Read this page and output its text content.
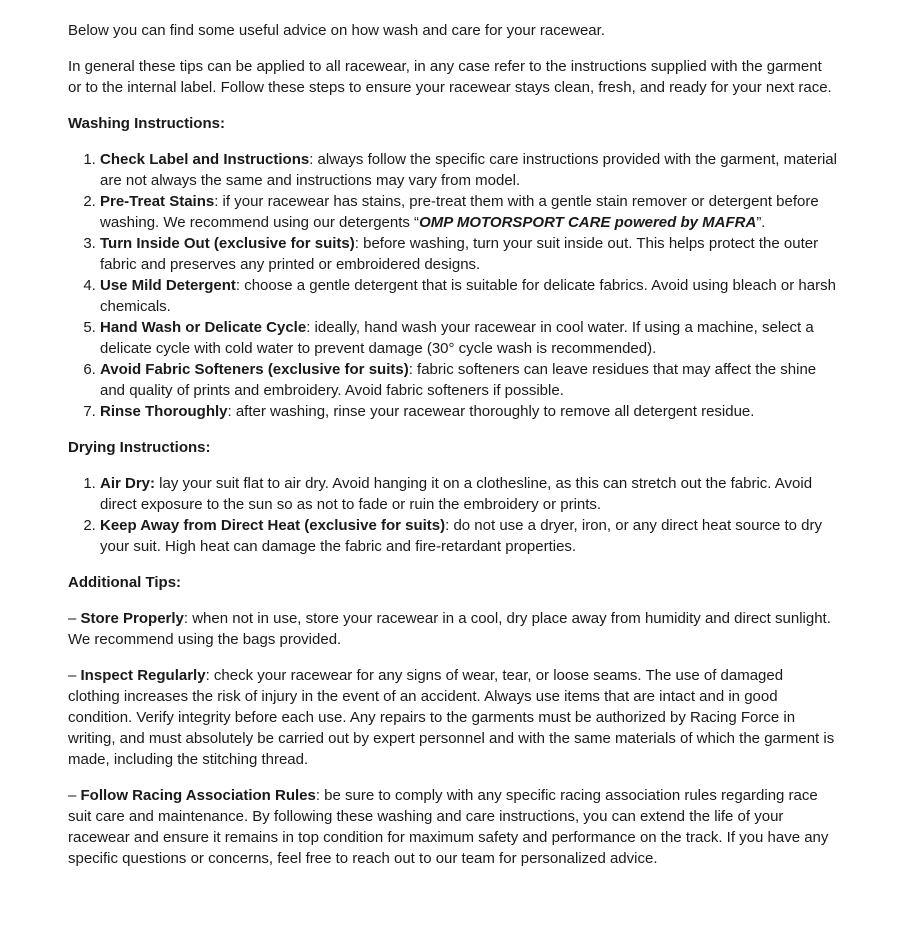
Below you can find some useful advice on how wash and care for your racewear.

In general these tips can be applied to all racewear, in any case refer to the instructions supplied with the garment or to the internal label. Follow these steps to ensure your racewear stays clean, fresh, and ready for your next race.

Washing Instructions:
1. Check Label and Instructions: always follow the specific care instructions provided with the garment, material are not always the same and instructions may vary from model.
2. Pre-Treat Stains: if your racewear has stains, pre-treat them with a gentle stain remover or detergent before washing. We recommend using our detergents “OMP MOTORSPORT CARE powered by MAFRA”.
3. Turn Inside Out (exclusive for suits): before washing, turn your suit inside out. This helps protect the outer fabric and preserves any printed or embroidered designs.
4. Use Mild Detergent: choose a gentle detergent that is suitable for delicate fabrics. Avoid using bleach or harsh chemicals.
5. Hand Wash or Delicate Cycle: ideally, hand wash your racewear in cool water. If using a machine, select a delicate cycle with cold water to prevent damage (30° cycle wash is recommended).
6. Avoid Fabric Softeners (exclusive for suits): fabric softeners can leave residues that may affect the shine and quality of prints and embroidery. Avoid fabric softeners if possible.
7. Rinse Thoroughly: after washing, rinse your racewear thoroughly to remove all detergent residue.
Drying Instructions:
1. Air Dry: lay your suit flat to air dry. Avoid hanging it on a clothesline, as this can stretch out the fabric. Avoid direct exposure to the sun so as not to fade or ruin the embroidery or prints.
2. Keep Away from Direct Heat (exclusive for suits): do not use a dryer, iron, or any direct heat source to dry your suit. High heat can damage the fabric and fire-retardant properties.
Additional Tips:

– Store Properly: when not in use, store your racewear in a cool, dry place away from humidity and direct sunlight. We recommend using the bags provided.

– Inspect Regularly: check your racewear for any signs of wear, tear, or loose seams. The use of damaged clothing increases the risk of injury in the event of an accident. Always use items that are intact and in good condition. Verify integrity before each use. Any repairs to the garments must be authorized by Racing Force in writing, and must absolutely be carried out by expert personnel and with the same materials of which the garment is made, including the stitching thread.

– Follow Racing Association Rules: be sure to comply with any specific racing association rules regarding race suit care and maintenance. By following these washing and care instructions, you can extend the life of your racewear and ensure it remains in top condition for maximum safety and performance on the track. If you have any specific questions or concerns, feel free to reach out to our team for personalized advice.
